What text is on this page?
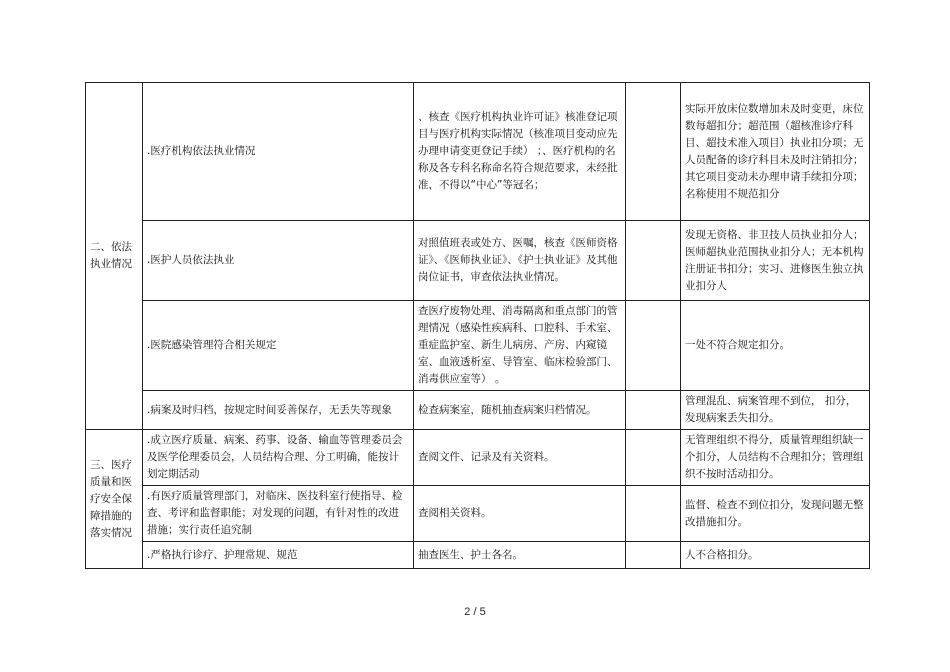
二、依法执业情况	.医疗机构依法执业情况	、核查《医疗机构执业许可证》核准登记项目与医疗机构实际情况（核准项目变动应先办理申请变更登记手续） ；、医疗机构的名称及各专科名称命名符合规范要求，未经批准，不得以“中心”等冠名；		实际开放床位数增加未及时变更，床位数每超扣分；超范围（超核准诊疗科目、超技术准入项目）执业扣分项；无人员配备的诊疗科目未及时注销扣分；其它项目变动未办理申请手续扣分项；名称使用不规范扣分
	.医护人员依法执业	对照值班表或处方、医嘱，核查《医师资格证》、《医师执业证》、《护士执业证》及其他岗位证书，审查依法执业情况。		发现无资格、非卫技人员执业扣分人；医师超执业范围执业扣分人；无本机构注册证书扣分；实习、进修医生独立执业扣分人
	.医院感染管理符合相关规定	查医疗废物处理、消毒隔离和重点部门的管理情况（感染性疾病科、口腔科、手术室、重症监护室、新生儿病房、产房、内窥镜室、血液透析室、导管室、临床检验部门、消毒供应室等） 。		一处不符合规定扣分。
	.病案及时归档，按规定时间妥善保存，无丢失等现象	检查病案室，随机抽查病案归档情况。		管理混乱、病案管理不到位， 扣分，发现病案丢失扣分。
三、医疗质量和医疗安全保障措施的落实情况	.成立医疗质量、病案、药事、设备、输血等管理委员会及医学伦理委员会，人员结构合理、分工明确，能按计划定期活动	查阅文件、记录及有关资料。		无管理组织不得分，质量管理组织缺一个扣分，人员结构不合理扣分；管理组织不按时活动扣分。
	.有医疗质量管理部门，对临床、医技科室行使指导、检查、考评和监督职能；对发现的问题，有针对性的改进措施；实行责任追究制	查阅相关资料。		监督、检查不到位扣分，发现问题无整改措施扣分。
	.严格执行诊疗、护理常规、规范	抽查医生、护士各名。		人不合格扣分。
2 / 5
